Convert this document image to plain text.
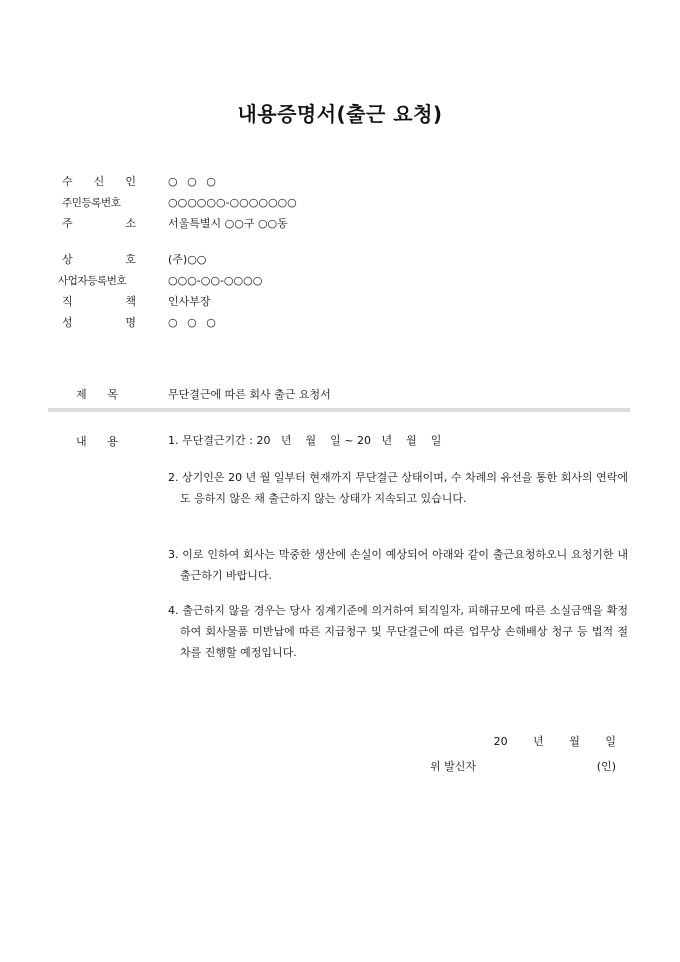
내용증명서(출근 요청)
수 신 인	○ ○ ○
주민등록번호	○○○○○○-○○○○○○○
주 소	서울특별시 ○○구 ○○동
상 호	(주)○○
사업자등록번호	○○○-○○-○○○○
직 책	인사부장
성 명	○ ○ ○
제 목	무단결근에 따른 회사 출근 요청서
내 용	1. 무단결근기간 : 20   년    월    일 ~ 20   년    월    일
2. 상기인은 20 년 월 일부터 현재까지 무단결근 상태이며, 수 차례의 유선을 통한 회사의 연락에도 응하지 않은 채 출근하지 않는 상태가 지속되고 있습니다.
3. 이로 인하여 회사는 막중한 생산에 손실이 예상되어 아래와 같이 출근요청하오니 요청기한 내 출근하기 바랍니다.
4. 출근하지 않을 경우는 당사 징계기준에 의거하여 퇴직일자, 피해규모에 따른 소실금액을 확정하여 회사물품 미반납에 따른 지급청구 및 무단결근에 따른 업무상 손해배상 청구 등 법적 절차를 진행할 예정입니다.
20 년 월 일
위 발신자	(인)
